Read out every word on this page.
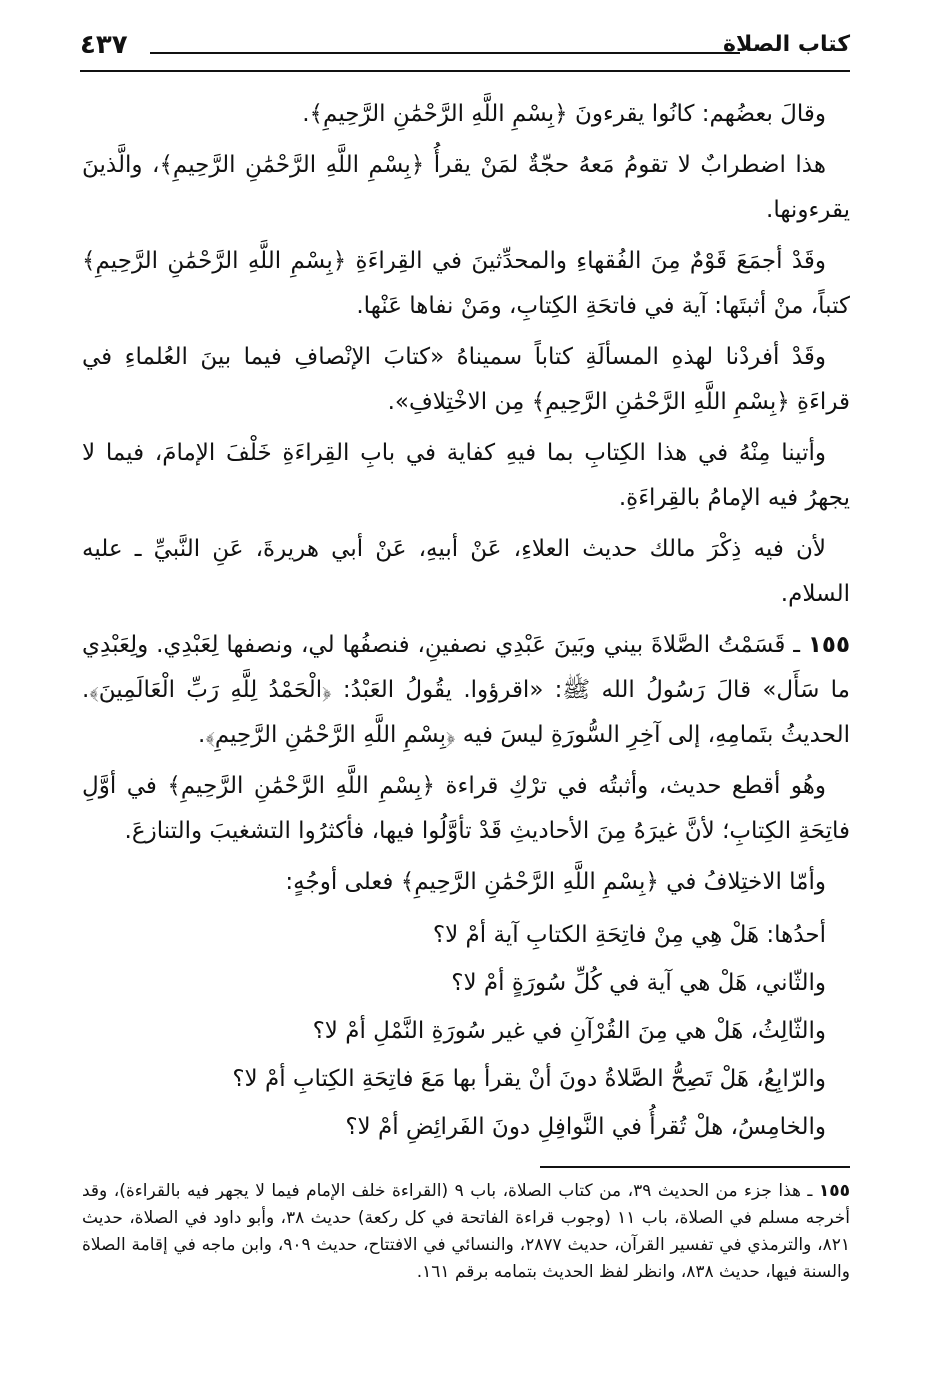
كتاب الصلاة
٤٣٧

وقالَ بعضُهم: كانُوا يقرءونَ ﴿بِسْمِ اللَّهِ الرَّحْمَٰنِ الرَّحِيمِ﴾.

هذا اضطرابٌ لا تقومُ مَعهُ حجّةٌ لمَنْ يقرأُ ﴿بِسْمِ اللَّهِ الرَّحْمَٰنِ الرَّحِيمِ﴾، والَّذينَ يقرءونها.

وقَدْ أجمَعَ قَوْمٌ مِنَ الفُقهاءِ والمحدِّثينَ في القِراءَةِ ﴿بِسْمِ اللَّهِ الرَّحْمَٰنِ الرَّحِيمِ﴾ كتباً، منْ أثبتَها: آية في فاتحَةِ الكِتابِ، ومَنْ نفاها عَنْها.

وقَدْ أفردْنا لهذهِ المسألَةِ كتاباً سميناهُ «كتابَ الإنْصافِ فيما بينَ العُلماءِ في قراءَةِ ﴿بِسْمِ اللَّهِ الرَّحْمَٰنِ الرَّحِيمِ﴾ مِن الاخْتِلافِ».

وأتينا مِنْهُ في هذا الكِتابِ بما فيهِ كفاية في بابِ القِراءَةِ خَلْفَ الإمامَ، فيما لا يجهرُ فيه الإمامُ بالقِراءَةِ.

لأن فيه ذِكْرَ مالك حديث العلاءِ، عَنْ أبيهِ، عَنْ أبي هريرةَ، عَنِ النَّبيِّ ـ عليه السلام.

١٥٥ ـ قَسَمْتُ الصَّلاةَ بيني وبَينَ عَبْدِي نصفينِ، فنصفُها لي، ونصفها لِعَبْدِي. ولِعَبْدِي ما سَأَل» قالَ رَسُولُ الله ﷺ: «اقرؤوا. يقُولُ العَبْدُ: ﴿الْحَمْدُ لِلَّهِ رَبِّ الْعَالَمِينَ﴾. الحديثُ بتَمامِهِ، إلى آخِرِ السُّورَةِ ليسَ فيه ﴿بِسْمِ اللَّهِ الرَّحْمَٰنِ الرَّحِيمِ﴾.

وهُو أقطع حديث، وأثبتُه في ترْكِ قراءة ﴿بِسْمِ اللَّهِ الرَّحْمَٰنِ الرَّحِيمِ﴾ في أوَّلِ فاتِحَةِ الكِتابِ؛ لأنَّ غيرَهُ مِنَ الأحاديثِ قَدْ تأوَّلُوا فيها، فأكثرُوا التشغيبَ والتنازعَ.

وأمّا الاختِلافُ في ﴿بِسْمِ اللَّهِ الرَّحْمَٰنِ الرَّحِيمِ﴾ فعلى أوجُهٍ:

أحدُها: هَلْ هِي مِنْ فاتِحَةِ الكتابِ آية أمْ لا؟

والثّاني، هَلْ هي آية في كُلِّ سُورَةٍ أمْ لا؟

والثّالِثُ، هَلْ هي مِنَ القُرْآنِ في غير سُورَةِ النَّمْلِ أمْ لا؟

والرّابِعُ، هَلْ تَصِحُّ الصَّلاةُ دونَ أنْ يقرأ بها مَعَ فاتِحَةِ الكِتابِ أمْ لا؟

والخامِسُ، هلْ تُقرأُ في النَّوافِلِ دونَ الفَرائِضِ أمْ لا؟

١٥٥ ـ هذا جزء من الحديث ٣٩، من كتاب الصلاة، باب ٩ (القراءة خلف الإمام فيما لا يجهر فيه بالقراءة)، وقد أخرجه مسلم في الصلاة، باب ١١ (وجوب قراءة الفاتحة في كل ركعة) حديث ٣٨، وأبو داود في الصلاة، حديث ٨٢١، والترمذي في تفسير القرآن، حديث ٢٨٧٧، والنسائي في الافتتاح، حديث ٩٠٩، وابن ماجه في إقامة الصلاة والسنة فيها، حديث ٨٣٨، وانظر لفظ الحديث بتمامه برقم ١٦١.
